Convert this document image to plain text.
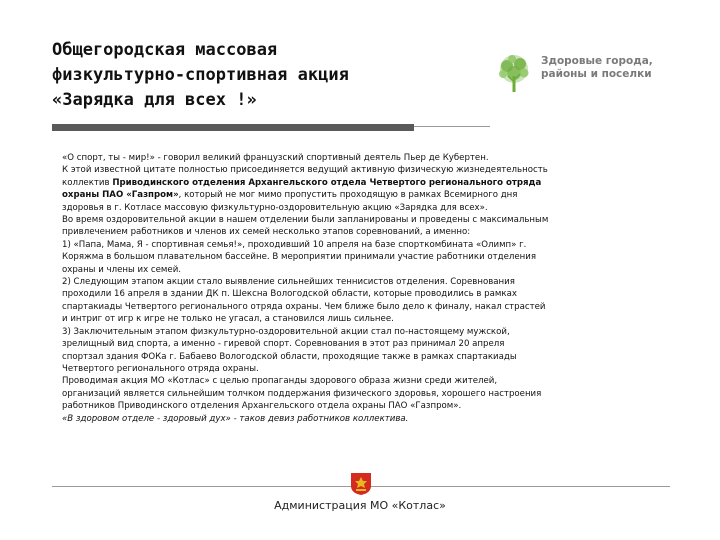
Общегородская массовая
физкультурно-спортивная акция
«Зарядка для всех !»
Здоровые города,
районы и поселки

«О спорт, ты - мир!» - говорил великий французский спортивный деятель Пьер де Кубертен.

К этой известной цитате полностью присоединяется ведущий активную физическую жизнедеятельность

коллектив Приводинского отделения Архангельского отдела Четвертого регионального отряда

охраны ПАО «Газпром», который не мог мимо пропустить проходящую в рамках Всемирного дня

здоровья в г. Котласе массовую физкультурно-оздоровительную акцию «Зарядка для всех».

Во время оздоровительной акции в нашем отделении были запланированы и проведены с максимальным

привлечением работников и членов их семей несколько этапов соревнований, а именно:

1) «Папа, Мама, Я - спортивная семья!», проходивший 10 апреля на базе спорткомбината «Олимп» г.

Коряжма в большом плавательном бассейне. В мероприятии принимали участие работники отделения

охраны и члены их семей.

2) Следующим этапом акции стало выявление сильнейших теннисистов отделения. Соревнования

проходили 16 апреля в здании ДК п. Шексна Вологодской области, которые проводились в рамках

спартакиады Четвертого регионального отряда охраны. Чем ближе было дело к финалу, накал страстей

и интриг от игр к игре не только не угасал, а становился лишь сильнее.

3) Заключительным этапом физкультурно-оздоровительной акции стал по-настоящему мужской,

зрелищный вид спорта, а именно - гиревой спорт. Соревнования в этот раз принимал 20 апреля

спортзал здания ФОКа г. Бабаево Вологодской области, проходящие также в рамках спартакиады

Четвертого регионального отряда охраны.

Проводимая акция МО «Котлас» с целью пропаганды здорового образа жизни среди жителей,

организаций является сильнейшим толчком поддержания физического здоровья, хорошего настроения

работников Приводинского отделения Архангельского отдела охраны ПАО «Газпром».

«В здоровом отделе - здоровый дух» - таков девиз работников коллектива.

Администрация МО «Котлас»
